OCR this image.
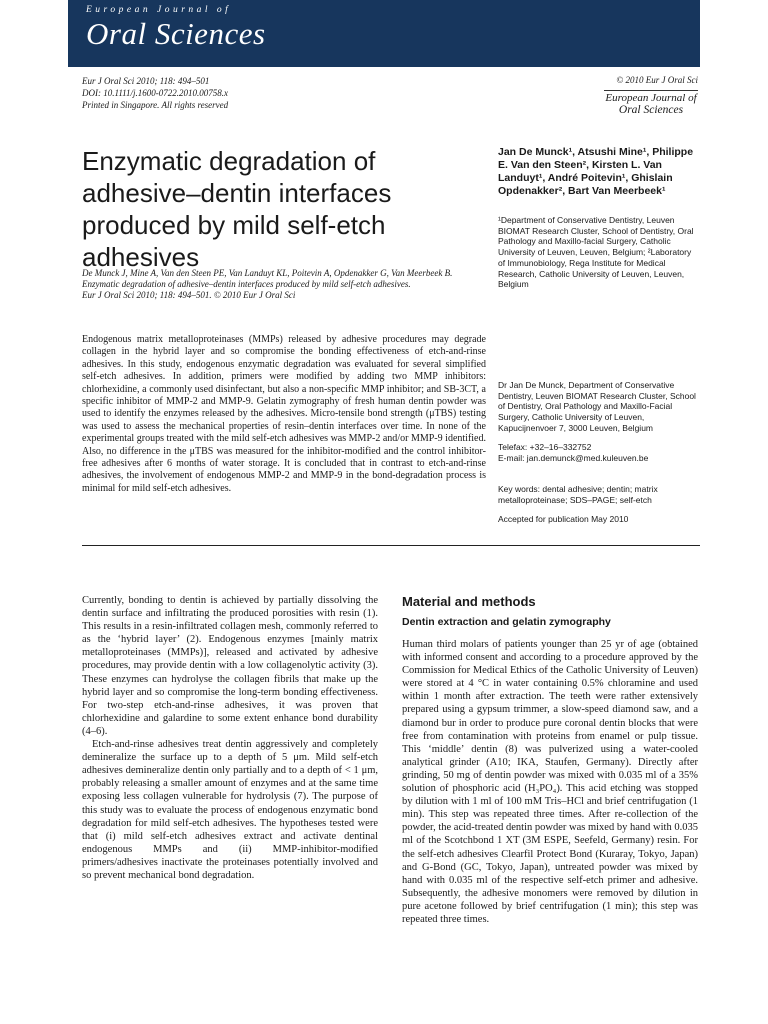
European Journal of
Oral Sciences
Eur J Oral Sci 2010; 118: 494–501
DOI: 10.1111/j.1600-0722.2010.00758.x
Printed in Singapore. All rights reserved
© 2010 Eur J Oral Sci
European Journal of
Oral Sciences
Enzymatic degradation of adhesive–dentin interfaces produced by mild self-etch adhesives
De Munck J, Mine A, Van den Steen PE, Van Landuyt KL, Poitevin A, Opdenakker G, Van Meerbeek B. Enzymatic degradation of adhesive–dentin interfaces produced by mild self-etch adhesives.
Eur J Oral Sci 2010; 118: 494–501. © 2010 Eur J Oral Sci

Endogenous matrix metalloproteinases (MMPs) released by adhesive procedures may degrade collagen in the hybrid layer and so compromise the bonding effectiveness of etch-and-rinse adhesives. In this study, endogenous enzymatic degradation was evaluated for several simplified self-etch adhesives. In addition, primers were modified by adding two MMP inhibitors: chlorhexidine, a commonly used disinfectant, but also a non-specific MMP inhibitor; and SB-3CT, a specific inhibitor of MMP-2 and MMP-9. Gelatin zymography of fresh human dentin powder was used to identify the enzymes released by the adhesives. Micro-tensile bond strength (μTBS) testing was used to assess the mechanical properties of resin–dentin interfaces over time. In none of the experimental groups treated with the mild self-etch adhesives was MMP-2 and/or MMP-9 identified. Also, no difference in the μTBS was measured for the inhibitor-modified and the control inhibitor-free adhesives after 6 months of water storage. It is concluded that in contrast to etch-and-rinse adhesives, the involvement of endogenous MMP-2 and MMP-9 in the bond-degradation process is minimal for mild self-etch adhesives.

Jan De Munck¹, Atsushi Mine¹, Philippe E. Van den Steen², Kirsten L. Van Landuyt¹, André Poitevin¹, Ghislain Opdenakker², Bart Van Meerbeek¹
¹Department of Conservative Dentistry, Leuven BIOMAT Research Cluster, School of Dentistry, Oral Pathology and Maxillo-facial Surgery, Catholic University of Leuven, Leuven, Belgium; ²Laboratory of Immunobiology, Rega Institute for Medical Research, Catholic University of Leuven, Leuven, Belgium
Dr Jan De Munck, Department of Conservative Dentistry, Leuven BIOMAT Research Cluster, School of Dentistry, Oral Pathology and Maxillo-Facial Surgery, Catholic University of Leuven, Kapucijnenvoer 7, 3000 Leuven, Belgium
Telefax: +32–16–332752
E-mail: jan.demunck@med.kuleuven.be
Key words: dental adhesive; dentin; matrix metalloproteinase; SDS–PAGE; self-etch
Accepted for publication May 2010

Currently, bonding to dentin is achieved by partially dissolving the dentin surface and infiltrating the produced porosities with resin (1). This results in a resin-infiltrated collagen mesh, commonly referred to as the ‘hybrid layer’ (2). Endogenous enzymes [mainly matrix metalloproteinases (MMPs)], released and activated by adhesive procedures, may provide dentin with a low collagenolytic activity (3). These enzymes can hydrolyse the collagen fibrils that make up the hybrid layer and so compromise the long-term bonding effectiveness. For two-step etch-and-rinse adhesives, it was proven that chlorhexidine and galardine to some extent enhance bond durability (4–6).

Etch-and-rinse adhesives treat dentin aggressively and completely demineralize the surface up to a depth of 5 μm. Mild self-etch adhesives demineralize dentin only partially and to a depth of < 1 μm, probably releasing a smaller amount of enzymes and at the same time exposing less collagen vulnerable for hydrolysis (7). The purpose of this study was to evaluate the process of endogenous enzymatic bond degradation for mild self-etch adhesives. The hypotheses tested were that (i) mild self-etch adhesives extract and activate dentinal endogenous MMPs and (ii) MMP-inhibitor-modified primers/adhesives inactivate the proteinases potentially involved and so prevent mechanical bond degradation.

Material and methods
Dentin extraction and gelatin zymography

Human third molars of patients younger than 25 yr of age (obtained with informed consent and according to a procedure approved by the Commission for Medical Ethics of the Catholic University of Leuven) were stored at 4 °C in water containing 0.5% chloramine and used within 1 month after extraction. The teeth were rather extensively prepared using a gypsum trimmer, a slow-speed diamond saw, and a diamond bur in order to produce pure coronal dentin blocks that were free from contamination with proteins from enamel or pulp tissue. This ‘middle’ dentin (8) was pulverized using a water-cooled analytical grinder (A10; IKA, Staufen, Germany). Directly after grinding, 50 mg of dentin powder was mixed with 0.035 ml of a 35% solution of phosphoric acid (H₃PO₄). This acid etching was stopped by dilution with 1 ml of 100 mM Tris–HCl and brief centrifugation (1 min). This step was repeated three times. After re-collection of the powder, the acid-treated dentin powder was mixed by hand with 0.035 ml of the Scotchbond 1 XT (3M ESPE, Seefeld, Germany) resin. For the self-etch adhesives Clearfil Protect Bond (Kuraray, Tokyo, Japan) and G-Bond (GC, Tokyo, Japan), untreated powder was mixed by hand with 0.035 ml of the respective self-etch primer and adhesive. Subsequently, the adhesive monomers were removed by dilution in pure acetone followed by brief centrifugation (1 min); this step was repeated three times.
